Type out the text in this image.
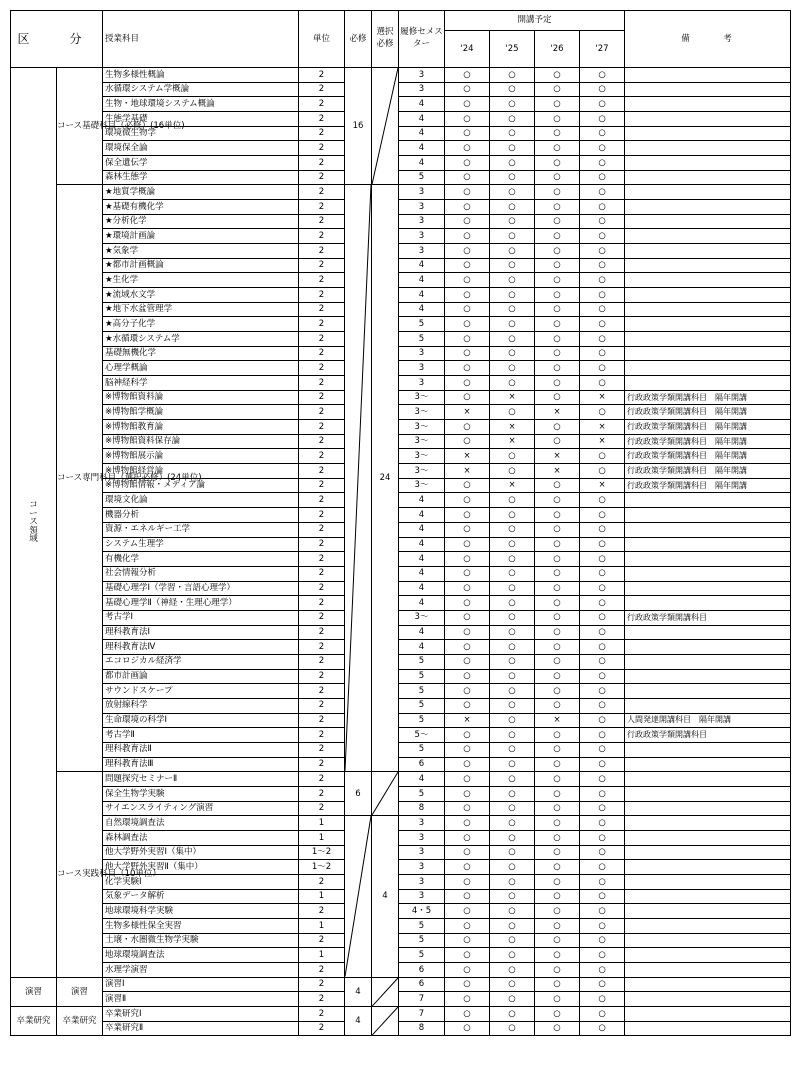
区　分		授業科目	単位	必修	選択
必修	履修セメスター	開講予定				備　　　考
							'24	'25	'26	'27	
コ
ー
ス
領
域	コース基礎科目（必修）(16単位)	生物多様性概論	2	16		3	○	○	○	○	
		水循環システム学概論	2			3	○	○	○	○	
		生物・地球環境システム概論	2			4	○	○	○	○	
		生態学基礎	2			4	○	○	○	○	
		環境微生物学	2			4	○	○	○	○	
		環境保全論	2			4	○	○	○	○	
		保全遺伝学	2			4	○	○	○	○	
		森林生態学	2			5	○	○	○	○	
	コース専門科目（選択必修）(24単位)	★地質学概論	2		24	3	○	○	○	○	
		★基礎有機化学	2			3	○	○	○	○	
		★分析化学	2			3	○	○	○	○	
		★環境計画論	2			3	○	○	○	○	
		★気象学	2			3	○	○	○	○	
		★都市計画概論	2			4	○	○	○	○	
		★生化学	2			4	○	○	○	○	
		★流域水文学	2			4	○	○	○	○	
		★地下水盆管理学	2			4	○	○	○	○	
		★高分子化学	2			5	○	○	○	○	
		★水循環システム学	2			5	○	○	○	○	
		基礎無機化学	2			3	○	○	○	○	
		心理学概論	2			3	○	○	○	○	
		脳神経科学	2			3	○	○	○	○	
		※博物館資料論	2			3～	○	×	○	×	行政政策学類開講科目　隔年開講
		※博物館学概論	2			3～	×	○	×	○	行政政策学類開講科目　隔年開講
		※博物館教育論	2			3～	○	×	○	×	行政政策学類開講科目　隔年開講
		※博物館資料保存論	2			3～	○	×	○	×	行政政策学類開講科目　隔年開講
		※博物館展示論	2			3～	×	○	×	○	行政政策学類開講科目　隔年開講
		※博物館経営論	2			3～	×	○	×	○	行政政策学類開講科目　隔年開講
		※博物館情報・メディア論	2			3～	○	×	○	×	行政政策学類開講科目　隔年開講
		環境文化論	2			4	○	○	○	○	
		機器分析	2			4	○	○	○	○	
		資源・エネルギー工学	2			4	○	○	○	○	
		システム生理学	2			4	○	○	○	○	
		有機化学	2			4	○	○	○	○	
		社会情報分析	2			4	○	○	○	○	
		基礎心理学Ⅰ（学習・言語心理学）	2			4	○	○	○	○	
		基礎心理学Ⅱ（神経・生理心理学）	2			4	○	○	○	○	
		考古学Ⅰ	2			3～	○	○	○	○	行政政策学類開講科目
		理科教育法Ⅰ	2			4	○	○	○	○	
		理科教育法Ⅳ	2			4	○	○	○	○	
		エコロジカル経済学	2			5	○	○	○	○	
		都市計画論	2			5	○	○	○	○	
		サウンドスケープ	2			5	○	○	○	○	
		放射線科学	2			5	○	○	○	○	
		生命環境の科学Ⅰ	2			5	×	○	×	○	人間発達開講科目　隔年開講
		考古学Ⅱ	2			5～	○	○	○	○	行政政策学類開講科目
		理科教育法Ⅱ	2			5	○	○	○	○	
		理科教育法Ⅲ	2			6	○	○	○	○	
	コース実践科目（10単位）	問題探究セミナーⅡ	2	6		4	○	○	○	○	
		保全生物学実験	2			5	○	○	○	○	
		サイエンスライティング演習	2			8	○	○	○	○	
		自然環境調査法	1		4	3	○	○	○	○	
		森林調査法	1			3	○	○	○	○	
		他大学野外実習Ⅰ（集中）	1～2			3	○	○	○	○	
		他大学野外実習Ⅱ（集中）	1～2			3	○	○	○	○	
		化学実験Ⅰ	2			3	○	○	○	○	
		気象データ解析	1			3	○	○	○	○	
		地球環境科学実験	2			4・5	○	○	○	○	
		生物多様性保全実習	1			5	○	○	○	○	
		土壌・水圏微生物学実験	2			5	○	○	○	○	
		地球環境調査法	1			5	○	○	○	○	
		水理学演習	2			6	○	○	○	○	
演習	演習	演習Ⅰ	2	4		6	○	○	○	○	
		演習Ⅱ	2			7	○	○	○	○	
卒業研究	卒業研究	卒業研究Ⅰ	2	4		7	○	○	○	○	
		卒業研究Ⅱ	2			8	○	○	○	○	
